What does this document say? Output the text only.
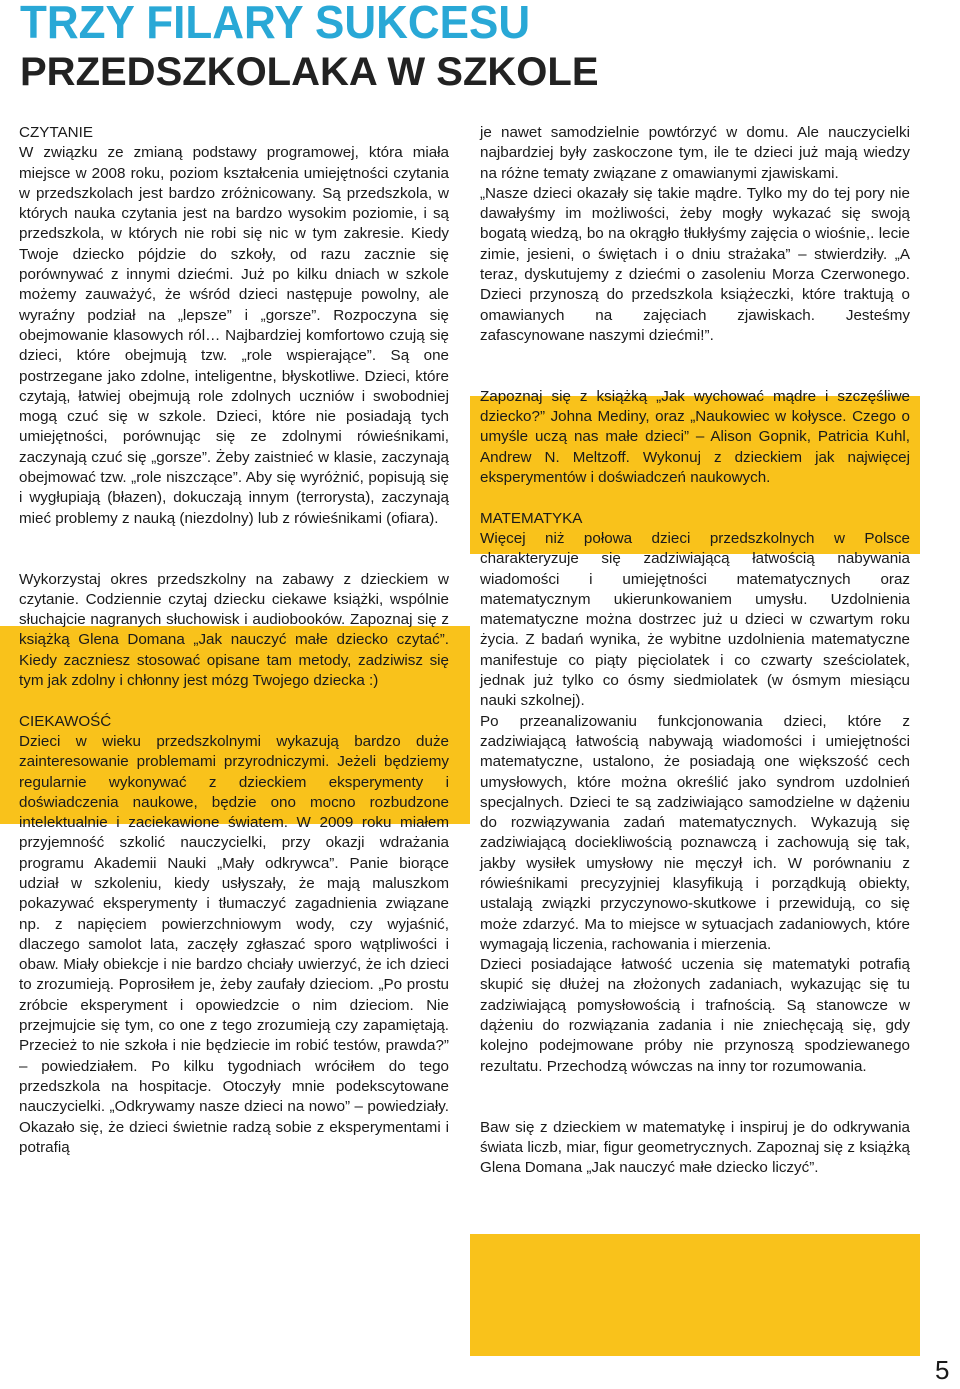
TRZY FILARY SUKCESU
PRZEDSZKOLAKA W SZKOLE

CZYTANIE

W związku ze zmianą podstawy programowej, która miała miejsce w 2008 roku, poziom kształcenia umiejętności czytania w przedszkolach jest bardzo zróżnicowany. Są przedszkola, w których nauka czytania jest na bardzo wysokim poziomie, i są przedszkola, w których nie robi się nic w tym zakresie. Kiedy Twoje dziecko pójdzie do szkoły, od razu zacznie się porównywać z innymi dziećmi. Już po kilku dniach w szkole możemy zauważyć, że wśród dzieci następuje powolny, ale wyraźny podział na „lepsze” i „gorsze”. Rozpoczyna się obejmowanie klasowych ról… Najbardziej komfortowo czują się dzieci, które obejmują tzw. „role wspierające”. Są one postrzegane jako zdolne, inteligentne, błyskotliwe. Dzieci, które czytają, łatwiej obejmują role zdolnych uczniów i swobodniej mogą czuć się w szkole. Dzieci, które nie posiadają tych umiejętności, porównując się ze zdolnymi rówieśnikami, zaczynają czuć się „gorsze”. Żeby zaistnieć w klasie, zaczynają obejmować tzw. „role niszczące”. Aby się wyróżnić, popisują się i wygłupiają (błazen), dokuczają innym (terrorysta), zaczynają mieć problemy z nauką (niezdolny) lub z rówieśnikami (ofiara).

WSKAZÓWKA DLA RODZICÓW

Wykorzystaj okres przedszkolny na zabawy z dzieckiem w czytanie. Codziennie czytaj dziecku ciekawe książki, wspólnie słuchajcie nagranych słuchowisk i audiobooków. Zapoznaj się z książką Glena Domana „Jak nauczyć małe dziecko czytać”. Kiedy zaczniesz stosować opisane tam metody, zadziwisz się tym jak zdolny i chłonny jest mózg Twojego dziecka :)

CIEKAWOŚĆ

Dzieci w wieku przedszkolnymi wykazują bardzo duże zainteresowanie problemami przyrodniczymi. Jeżeli będziemy regularnie wykonywać z dzieckiem eksperymenty i doświadczenia naukowe, będzie ono mocno rozbudzone intelektualnie i zaciekawione światem. W 2009 roku miałem przyjemność szkolić nauczycielki, przy okazji wdrażania programu Akademii Nauki „Mały odkrywca”. Panie biorące udział w szkoleniu, kiedy usłyszały, że mają maluszkom pokazywać eksperymenty i tłumaczyć zagadnienia związane np. z napięciem powierzchniowym wody, czy wyjaśnić, dlaczego samolot lata, zaczęły zgłaszać sporo wątpliwości i obaw. Miały obiekcje i nie bardzo chciały uwierzyć, że ich dzieci to zrozumieją. Poprosiłem je, żeby zaufały dzieciom. „Po prostu zróbcie eksperyment i opowiedzcie o nim dzieciom. Nie przejmujcie się tym, co one z tego zrozumieją czy zapamiętają. Przecież to nie szkoła i nie będziecie im robić testów, prawda?” – powiedziałem. Po kilku tygodniach wróciłem do tego przedszkola na hospitacje. Otoczyły mnie podekscytowane nauczycielki. „Odkrywamy nasze dzieci na nowo” – powiedziały. Okazało się, że dzieci świetnie radzą sobie z eksperymentami i potrafią

je nawet samodzielnie powtórzyć w domu. Ale nauczycielki najbardziej były zaskoczone tym, ile te dzieci już mają wiedzy na różne tematy związane z omawianymi zjawiskami.

„Nasze dzieci okazały się takie mądre. Tylko my do tej pory nie dawałyśmy im możliwości, żeby mogły wykazać się swoją bogatą wiedzą, bo na okrągło tłukłyśmy zajęcia o wiośnie,. lecie zimie, jesieni, o świętach i o dniu strażaka” – stwierdziły. „A teraz, dyskutujemy z dziećmi o zasoleniu Morza Czerwonego. Dzieci przynoszą do przedszkola książeczki, które traktują o omawianych na zajęciach zjawiskach. Jesteśmy zafascynowane naszymi dziećmi!”.

WSKAZÓWKA DLA RODZICÓW

Zapoznaj się z książką „Jak wychować mądre i szczęśliwe dziecko?” Johna Mediny, oraz „Naukowiec w kołysce. Czego o umyśle uczą nas małe dzieci” – Alison Gopnik, Patricia Kuhl, Andrew N. Meltzoff. Wykonuj z dzieckiem jak najwięcej eksperymentów i doświadczeń naukowych.

MATEMATYKA

Więcej niż połowa dzieci przedszkolnych w Polsce charakteryzuje się zadziwiającą łatwością nabywania wiadomości i umiejętności matematycznych oraz matematycznym ukierunkowaniem umysłu. Uzdolnienia matematyczne można dostrzec już u dzieci w czwartym roku życia. Z badań wynika, że wybitne uzdolnienia matematyczne manifestuje co piąty pięciolatek i co czwarty sześciolatek, jednak już tylko co ósmy siedmiolatek (w ósmym miesiącu nauki szkolnej).

Po przeanalizowaniu funkcjonowania dzieci, które z zadziwiającą łatwością nabywają wiadomości i umiejętności matematyczne, ustalono, że posiadają one większość cech umysłowych, które można określić jako syndrom uzdolnień specjalnych. Dzieci te są zadziwiająco samodzielne w dążeniu do rozwiązywania zadań matematycznych. Wykazują się zadziwiającą dociekliwością poznawczą i zachowują się tak, jakby wysiłek umysłowy nie męczył ich. W porównaniu z rówieśnikami precyzyjniej klasyfikują i porządkują obiekty, ustalają związki przyczynowo-skutkowe i przewidują, co się może zdarzyć. Ma to miejsce w sytuacjach zadaniowych, które wymagają liczenia, rachowania i mierzenia.

Dzieci posiadające łatwość uczenia się matematyki potrafią skupić się dłużej na złożonych zadaniach, wykazując się tu zadziwiającą pomysłowością i trafnością. Są stanowcze w dążeniu do rozwiązania zadania i nie zniechęcają się, gdy kolejno podejmowane próby nie przynoszą spodziewanego rezultatu. Przechodzą wówczas na inny tor rozumowania.

WSKAZÓWKA DLA RODZICÓW

Baw się z dzieckiem w matematykę i inspiruj je do odkrywania świata liczb, miar, figur geometrycznych. Zapoznaj się z książką Glena Domana „Jak nauczyć małe dziecko liczyć”.

5
